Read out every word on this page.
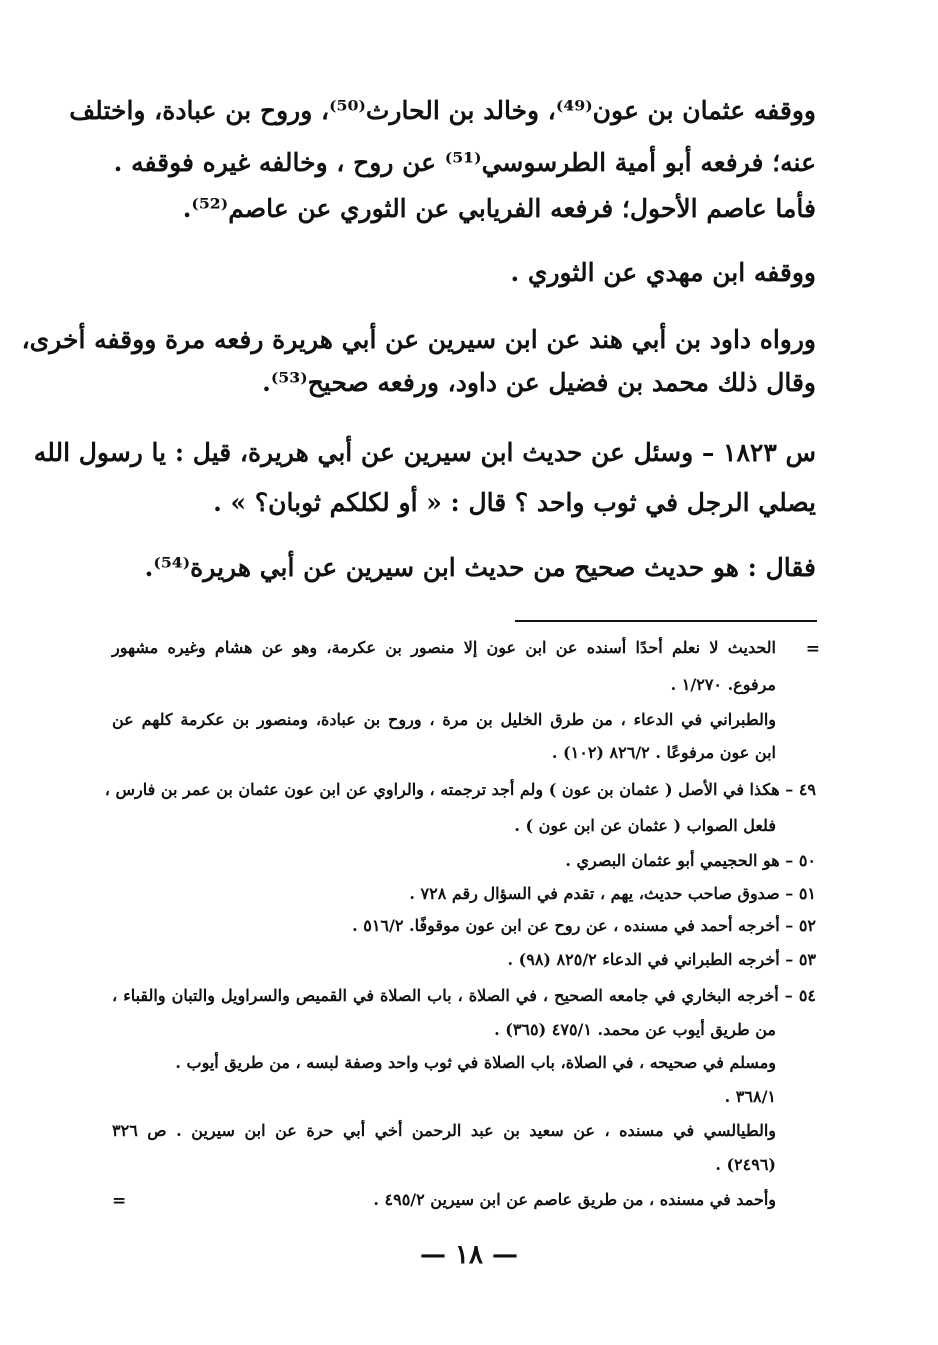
ووقفه عثمان بن عون⁽⁴⁹⁾، وخالد بن الحارث⁽⁵⁰⁾، وروح بن عبادة، واختلف
عنه؛ فرفعه أبو أمية الطرسوسي⁽⁵¹⁾ عن روح ، وخالفه غيره فوقفه .
فأما عاصم الأحول؛ فرفعه الفريابي عن الثوري عن عاصم⁽⁵²⁾.
ووقفه ابن مهدي عن الثوري .
ورواه داود بن أبي هند عن ابن سيرين عن أبي هريرة رفعه مرة ووقفه أخرى،
وقال ذلك محمد بن فضيل عن داود، ورفعه صحيح⁽⁵³⁾.
س ١٨٢٣ – وسئل عن حديث ابن سيرين عن أبي هريرة، قيل : يا رسول الله
يصلي الرجل في ثوب واحد ؟ قال : « أو لكلكم ثوبان؟ » .
فقال : هو حديث صحيح من حديث ابن سيرين عن أبي هريرة⁽⁵⁴⁾.
=
الحديث لا نعلم أحدًا أسنده عن ابن عون إلا منصور بن عكرمة، وهو عن هشام وغيره مشهور
مرفوع. ١/٢٧٠ .
والطبراني في الدعاء ، من طرق الخليل بن مرة ، وروح بن عبادة، ومنصور بن عكرمة كلهم عن
ابن عون مرفوعًا . ٨٢٦/٢ (١٠٢) .
٤٩ – هكذا في الأصل ( عثمان بن عون ) ولم أجد ترجمته ، والراوي عن ابن عون عثمان بن عمر بن فارس ،
فلعل الصواب ( عثمان عن ابن عون ) .
٥٠ – هو الحجيمي أبو عثمان البصري .
٥١ – صدوق صاحب حديث، يهم ، تقدم في السؤال رقم ٧٢٨ .
٥٢ – أخرجه أحمد في مسنده ، عن روح عن ابن عون موقوفًا. ٥١٦/٢ .
٥٣ – أخرجه الطبراني في الدعاء ٨٢٥/٢ (٩٨) .
٥٤ – أخرجه البخاري في جامعه الصحيح ، في الصلاة ، باب الصلاة في القميص والسراويل والتبان والقباء ،
من طريق أيوب عن محمد. ٤٧٥/١ (٣٦٥) .
ومسلم في صحيحه ، في الصلاة، باب الصلاة في ثوب واحد وصفة لبسه ، من طريق أيوب .
٣٦٨/١ .
والطيالسي في مسنده ، عن سعيد بن عبد الرحمن أخي أبي حرة عن ابن سيرين . ص ٣٢٦
(٢٤٩٦) .
وأحمد في مسنده ، من طريق عاصم عن ابن سيرين ٤٩٥/٢ .
=
— ١٨ —
